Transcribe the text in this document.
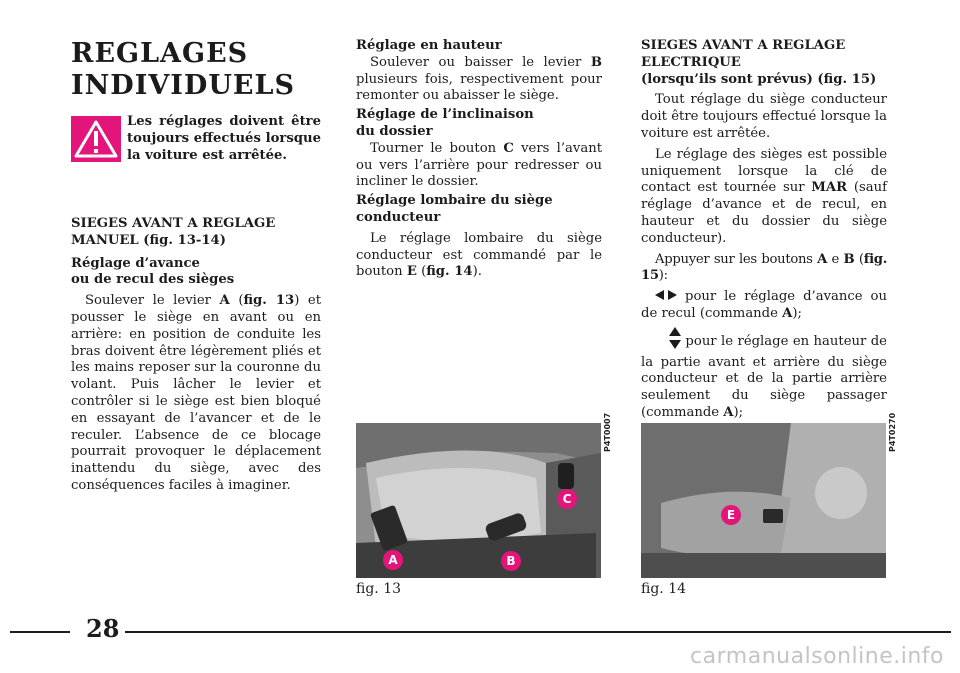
REGLAGES
INDIVIDUELS

Les réglages doivent être toujours effectués lorsque la voiture est arrêtée.

SIEGES AVANT A REGLAGE
MANUEL (fig. 13-14)
Réglage d’avance
ou de recul des sièges

Soulever le levier A (fig. 13) et pousser le siège en avant ou en arrière: en position de conduite les bras doivent être légèrement pliés et les mains reposer sur la couronne du volant. Puis lâcher le levier et contrôler si le siège est bien bloqué en essayant de l’avancer et de le reculer. L’absence de ce blocage pourrait provoquer le déplacement inattendu du siège, avec des conséquences faciles à imaginer.

Réglage en hauteur

Soulever ou baisser le levier B plusieurs fois, respectivement pour remonter ou abaisser le siège.

Réglage de l’inclinaison
du dossier

Tourner le bouton C vers l’avant ou vers l’arrière pour redresser ou incliner le dossier.

Réglage lombaire du siège
conducteur

Le réglage lombaire du siège conducteur est commandé par le bouton E (fig. 14).

SIEGES AVANT A REGLAGE
ELECTRIQUE
(lorsqu’ils sont prévus) (fig. 15)

Tout réglage du siège conducteur doit être toujours effectué lorsque la voiture est arrêtée.

Le réglage des sièges est possible uniquement lorsque la clé de contact est tournée sur MAR (sauf réglage d’avance et de recul, en hauteur et du dossier du siège conducteur).

Appuyer sur les boutons A e B (fig. 15):

pour le réglage d’avance ou de recul (commande A);

pour le réglage en hauteur de la partie avant et arrière du siège conducteur et de la partie arrière seulement du siège passager (commande A);

A	B
C
P4T0007
fig. 13
E
P4T0270
fig. 14
28
carmanualsonline.info
